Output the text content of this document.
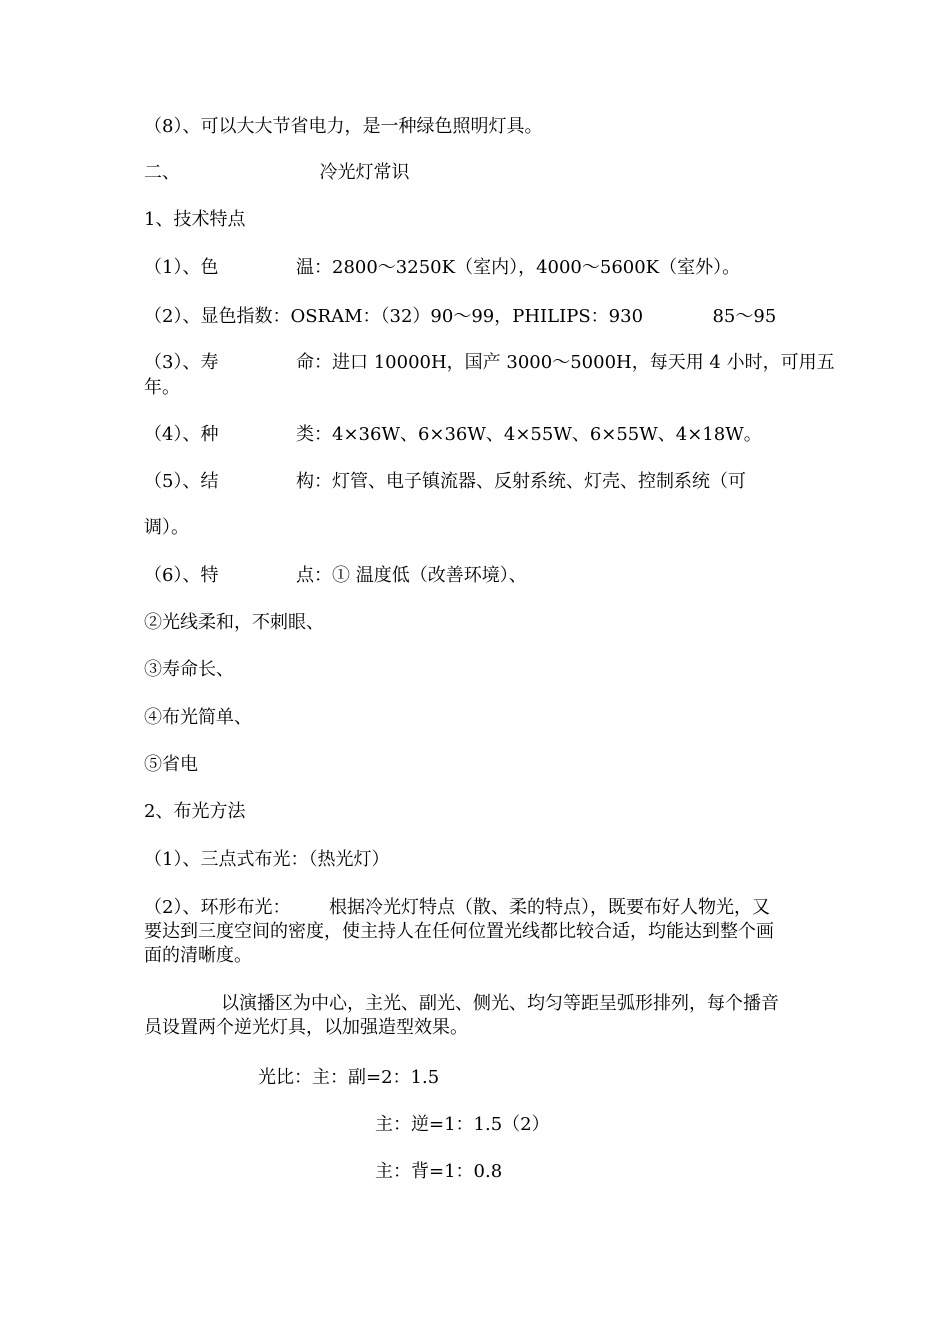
（8）、可以大大节省电力，是一种绿色照明灯具。
二、	冷光灯常识
1、技术特点
（1）、色	温：2800～3250K（室内），4000～5600K（室外）。
（2）、显色指数：OSRAM：（32）90～99，PHILIPS：930	85～95
（3）、寿	命：进口 10000H，国产 3000～5000H，每天用 4 小时，可用五
年。
（4）、种	类：4×36W、6×36W、4×55W、6×55W、4×18W。
（5）、结	构：灯管、电子镇流器、反射系统、灯壳、控制系统（可
调）。
（6）、特	点：① 温度低（改善环境）、
②光线柔和，不刺眼、
③寿命长、
④布光简单、
⑤省电
2、布光方法
（1）、三点式布光：（热光灯）
（2）、环形布光： 根据冷光灯特点（散、柔的特点），既要布好人物光，又
要达到三度空间的密度，使主持人在任何位置光线都比较合适，均能达到整个画
面的清晰度。
以演播区为中心，主光、副光、侧光、均匀等距呈弧形排列，每个播音
员设置两个逆光灯具，以加强造型效果。
光比：主：副=2：1.5
主：逆=1：1.5（2）
主：背=1：0.8
